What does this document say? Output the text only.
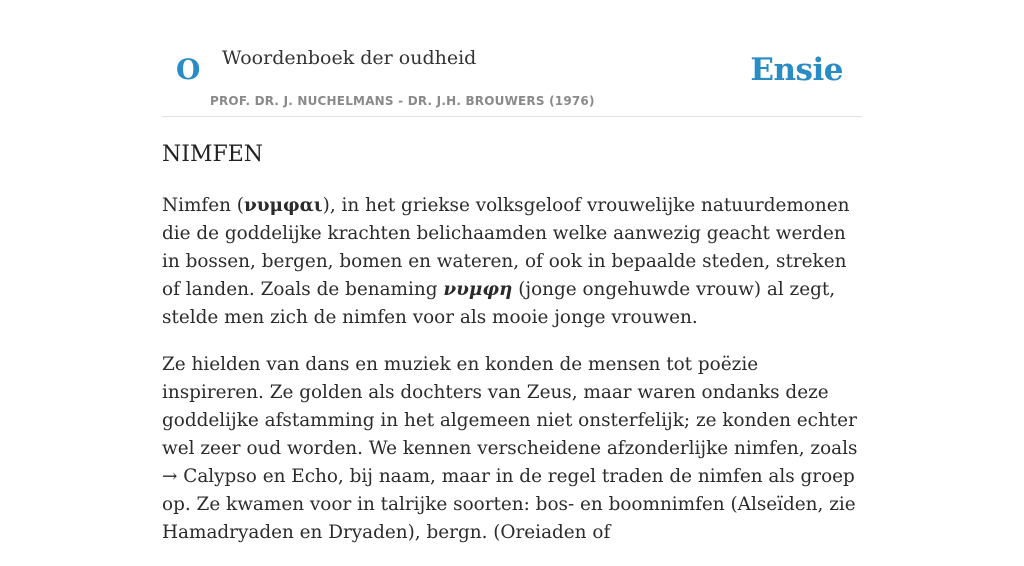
O Woordenboek der oudheid
PROF. DR. J. NUCHELMANS - DR. J.H. BROUWERS (1976)
Ensie
NIMFEN

Nimfen (νυμφαι), in het griekse volksgeloof vrouwelijke natuurdemonen die de goddelijke krachten belichaamden welke aanwezig geacht werden in bossen, bergen, bomen en wateren, of ook in bepaalde steden, streken of landen. Zoals de benaming νυμφη (jonge ongehuwde vrouw) al zegt, stelde men zich de nimfen voor als mooie jonge vrouwen.

Ze hielden van dans en muziek en konden de mensen tot poëzie inspireren. Ze golden als dochters van Zeus, maar waren ondanks deze goddelijke afstamming in het algemeen niet onsterfelijk; ze konden echter wel zeer oud worden. We kennen verscheidene afzonderlijke nimfen, zoals → Calypso en Echo, bij naam, maar in de regel traden de nimfen als groep op. Ze kwamen voor in talrijke soorten: bos- en boomnimfen (Alseïden, zie Hamadryaden en Dryaden), bergn. (Oreiaden of
